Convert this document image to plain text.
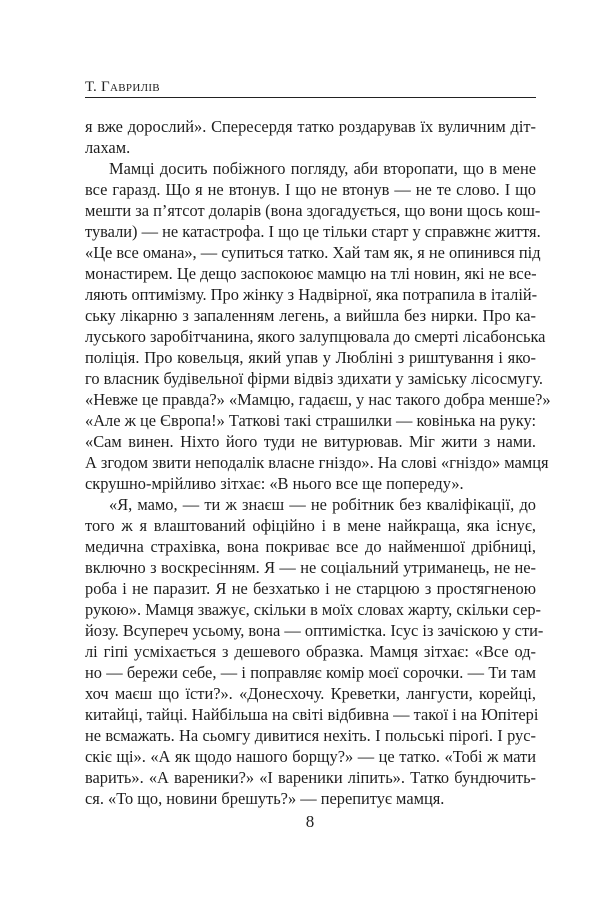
Т. Гаврилів
я вже дорослий». Спересердя татко роздарував їх вуличним діт-
лахам.
Мамці досить побіжного погляду, аби второпати, що в мене
все гаразд. Що я не втонув. І що не втонув — не те слово. І що
мешти за п’ятсот доларів (вона здогадується, що вони щось кош-
тували) — не катастрофа. І що це тільки старт у справжнє життя.
«Це все омана», — супиться татко. Хай там як, я не опинився під
монастирем. Це дещо заспокоює мамцю на тлі новин, які не все-
ляють оптимізму. Про жінку з Надвірної, яка потрапила в італій-
ську лікарню з запаленням легень, а вийшла без нирки. Про ка-
луського заробітчанина, якого залупцювала до смерті лісабонська
поліція. Про ковельця, який упав у Любліні з риштування і яко-
го власник будівельної фірми відвіз здихати у заміську лісосмугу.
«Невже це правда?» «Мамцю, гадаєш, у нас такого добра менше?»
«Але ж це Європа!» Таткові такі страшилки — ковінька на руку:
«Сам винен. Ніхто його туди не витурював. Міг жити з нами.
А згодом звити неподалік власне гніздо». На слові «гніздо» мамця
скрушно-мрійливо зітхає: «В нього все ще попереду».
«Я, мамо, — ти ж знаєш — не робітник без кваліфікації, до
того ж я влаштований офіційно і в мене найкраща, яка існує,
медична страхівка, вона покриває все до найменшої дрібниці,
включно з воскресінням. Я — не соціальний утриманець, не не-
роба і не паразит. Я не безхатько і не старцюю з простягненою
рукою». Мамця зважує, скільки в моїх словах жарту, скільки сер-
йозу. Всупереч усьому, вона — оптимістка. Ісус із зачіскою у сти-
лі гіпі усміхається з дешевого образка. Мамця зітхає: «Все од-
но — бережи себе, — і поправляє комір моєї сорочки. — Ти там
хоч маєш що їсти?». «Донесхочу. Креветки, лангусти, корейці,
китайці, тайці. Найбільша на світі відбивна — такої і на Юпітері
не всмажать. На сьомгу дивитися нехіть. І польські піроґі. І рус-
скіє щі». «А як щодо нашого борщу?» — це татко. «Тобі ж мати
варить». «А вареники?» «І вареники ліпить». Татко бундючить-
ся. «То що, новини брешуть?» — перепитує мамця.
8
